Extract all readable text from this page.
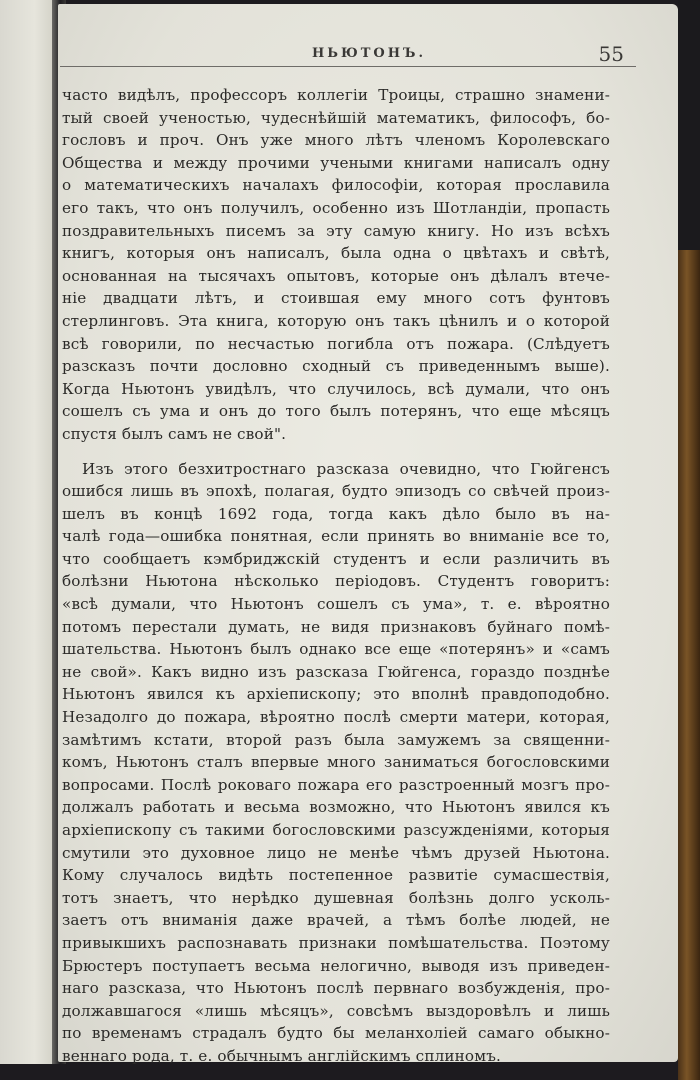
НЬЮТОНЪ.	55
часто видѣлъ, профессоръ коллегіи Троицы, страшно знамени-
тый своей ученостью, чудеснѣйшій математикъ, философъ, бо-
гословъ и проч. Онъ уже много лѣтъ членомъ Королевскаго
Общества и между прочими учеными книгами написалъ одну
о математическихъ началахъ философіи, которая прославила
его такъ, что онъ получилъ, особенно изъ Шотландіи, пропасть
поздравительныхъ писемъ за эту самую книгу. Но изъ всѣхъ
книгъ, которыя онъ написалъ, была одна о цвѣтахъ и свѣтѣ,
основанная на тысячахъ опытовъ, которые онъ дѣлалъ втече-
ніе двадцати лѣтъ, и стоившая ему много сотъ фунтовъ
стерлинговъ. Эта книга, которую онъ такъ цѣнилъ и о которой
всѣ говорили, по несчастью погибла отъ пожара. (Слѣдуетъ
разсказъ почти дословно сходный съ приведеннымъ выше).
Когда Ньютонъ увидѣлъ, что случилось, всѣ думали, что онъ
сошелъ съ ума и онъ до того былъ потерянъ, что еще мѣсяцъ
спустя былъ самъ не свой".
Изъ этого безхитростнаго разсказа очевидно, что Гюйгенсъ
ошибся лишь въ эпохѣ, полагая, будто эпизодъ со свѣчей произ-
шелъ въ концѣ 1692 года, тогда какъ дѣло было въ на-
чалѣ года—ошибка понятная, если принять во вниманіе все то,
что сообщаетъ кэмбриджскій студентъ и если различить въ
болѣзни Ньютона нѣсколько періодовъ. Студентъ говоритъ:
«всѣ думали, что Ньютонъ сошелъ съ ума», т. е. вѣроятно
потомъ перестали думать, не видя признаковъ буйнаго помѣ-
шательства. Ньютонъ былъ однако все еще «потерянъ» и «самъ
не свой». Какъ видно изъ разсказа Гюйгенса, гораздо позднѣе
Ньютонъ явился къ архіепископу; это вполнѣ правдоподобно.
Незадолго до пожара, вѣроятно послѣ смерти матери, которая,
замѣтимъ кстати, второй разъ была замужемъ за священни-
комъ, Ньютонъ сталъ впервые много заниматься богословскими
вопросами. Послѣ роковаго пожара его разстроенный мозгъ про-
должалъ работать и весьма возможно, что Ньютонъ явился къ
архіепископу съ такими богословскими разсужденіями, которыя
смутили это духовное лицо не менѣе чѣмъ друзей Ньютона.
Кому случалось видѣть постепенное развитіе сумасшествія,
тотъ знаетъ, что нерѣдко душевная болѣзнь долго усколь-
заетъ отъ вниманія даже врачей, а тѣмъ болѣе людей, не
привыкшихъ распознавать признаки помѣшательства. Поэтому
Брюстеръ поступаетъ весьма нелогично, выводя изъ приведен-
наго разсказа, что Ньютонъ послѣ первнаго возбужденія, про-
должавшагося «лишь мѣсяцъ», совсѣмъ выздоровѣлъ и лишь
по временамъ страдалъ будто бы меланхоліей самаго обыкно-
веннаго рода, т. е. обычнымъ англійскимъ сплиномъ.
